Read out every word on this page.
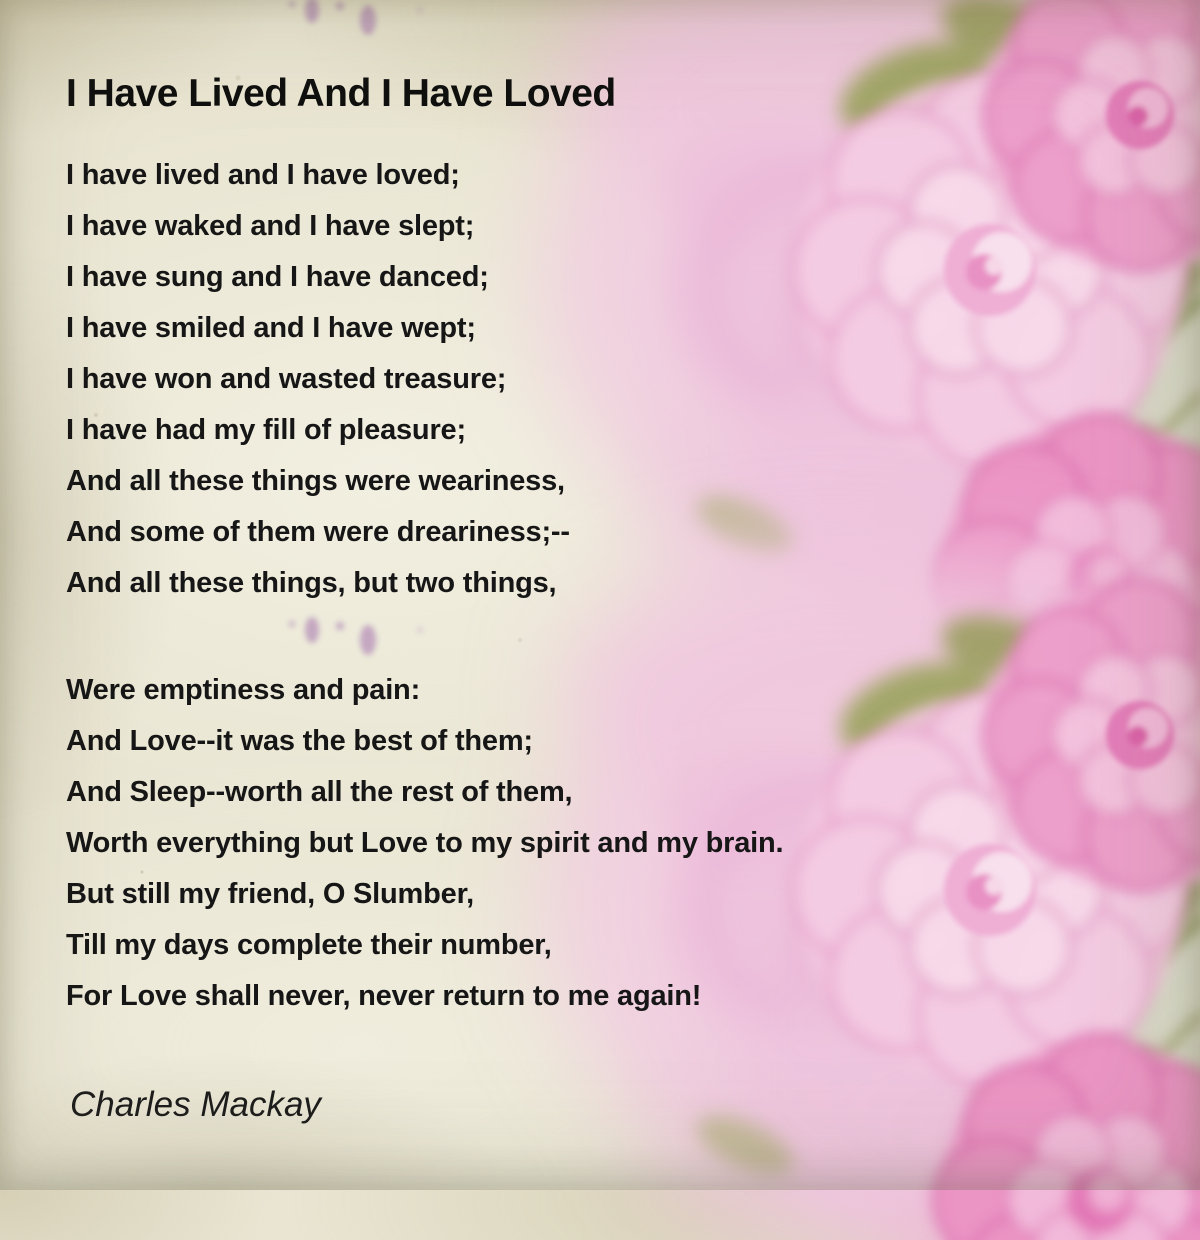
I Have Lived And I Have Loved
I have lived and I have loved;
I have waked and I have slept;
I have sung and I have danced;
I have smiled and I have wept;
I have won and wasted treasure;
I have had my fill of pleasure;
And all these things were weariness,
And some of them were dreariness;--
And all these things, but two things,
Were emptiness and pain:
And Love--it was the best of them;
And Sleep--worth all the rest of them,
Worth everything but Love to my spirit and my brain.
But still my friend, O Slumber,
Till my days complete their number,
For Love shall never, never return to me again!
Charles Mackay
